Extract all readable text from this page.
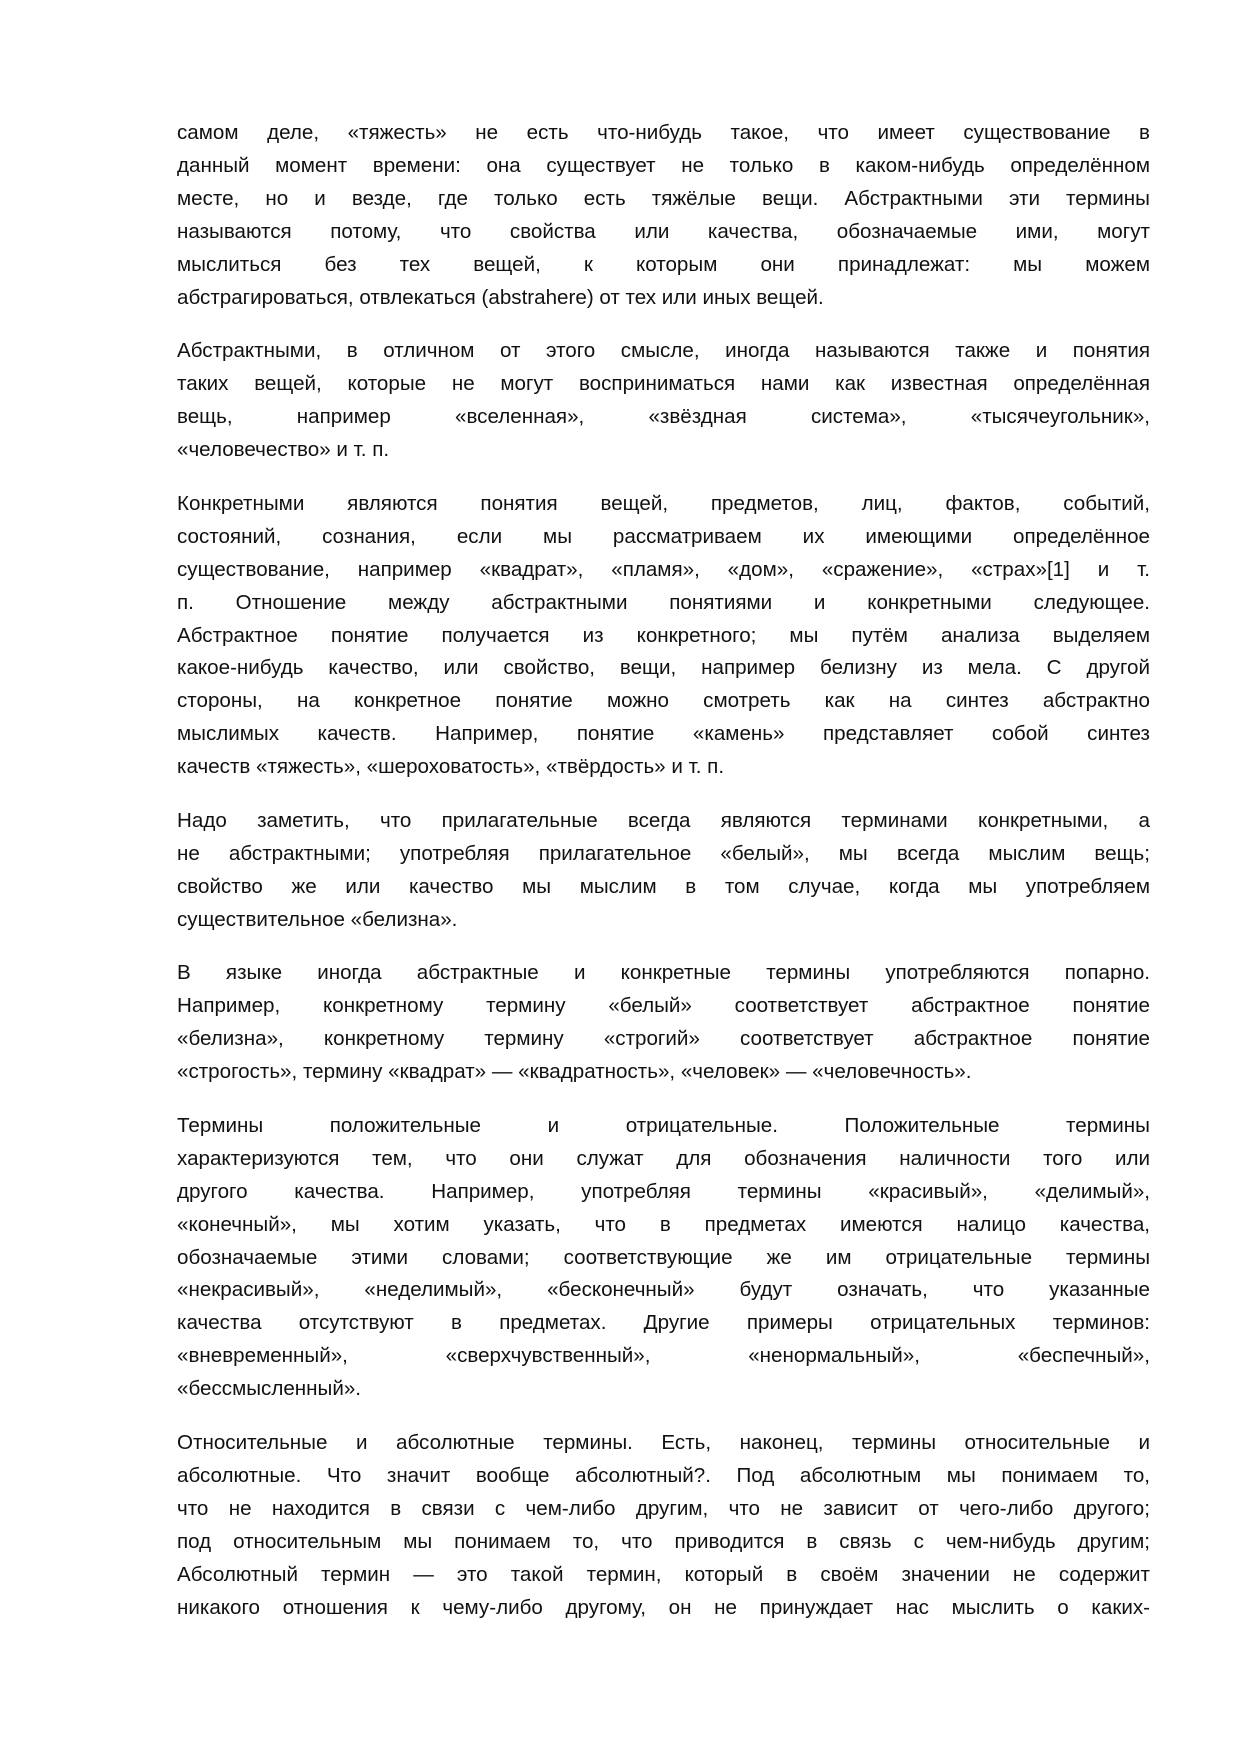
самом деле, «тяжесть» не есть что-нибудь такое, что имеет существование в
данный момент времени: она существует не только в каком-нибудь определённом
месте, но и везде, где только есть тяжёлые вещи. Абстрактными эти термины
называются потому, что свойства или качества, обозначаемые ими, могут
мыслиться без тех вещей, к которым они принадлежат: мы можем
абстрагироваться, отвлекаться (abstrahere) от тех или иных вещей.
Абстрактными, в отличном от этого смысле, иногда называются также и понятия
таких вещей, которые не могут восприниматься нами как известная определённая
вещь, например «вселенная», «звёздная система», «тысячеугольник»,
«человечество» и т. п.
Конкретными являются понятия вещей, предметов, лиц, фактов, событий,
состояний, сознания, если мы рассматриваем их имеющими определённое
существование, например «квадрат», «пламя», «дом», «сражение», «страх»[1] и т.
п. Отношение между абстрактными понятиями и конкретными следующее.
Абстрактное понятие получается из конкретного; мы путём анализа выделяем
какое-нибудь качество, или свойство, вещи, например белизну из мела. С другой
стороны, на конкретное понятие можно смотреть как на синтез абстрактно
мыслимых качеств. Например, понятие «камень» представляет собой синтез
качеств «тяжесть», «шероховатость», «твёрдость» и т. п.
Надо заметить, что прилагательные всегда являются терминами конкретными, а
не абстрактными; употребляя прилагательное «белый», мы всегда мыслим вещь;
свойство же или качество мы мыслим в том случае, когда мы употребляем
существительное «белизна».
В языке иногда абстрактные и конкретные термины употребляются попарно.
Например, конкретному термину «белый» соответствует абстрактное понятие
«белизна», конкретному термину «строгий» соответствует абстрактное понятие
«строгость», термину «квадрат» — «квадратность», «человек» — «человечность».
Термины положительные и отрицательные. Положительные термины
характеризуются тем, что они служат для обозначения наличности того или
другого качества. Например, употребляя термины «красивый», «делимый»,
«конечный», мы хотим указать, что в предметах имеются налицо качества,
обозначаемые этими словами; соответствующие же им отрицательные термины
«некрасивый», «неделимый», «бесконечный» будут означать, что указанные
качества отсутствуют в предметах. Другие примеры отрицательных терминов:
«вневременный», «сверхчувственный», «ненормальный», «беспечный»,
«бессмысленный».
Относительные и абсолютные термины. Есть, наконец, термины относительные и
абсолютные. Что значит вообще абсолютный?. Под абсолютным мы понимаем то,
что не находится в связи с чем-либо другим, что не зависит от чего-либо другого;
под относительным мы понимаем то, что приводится в связь с чем-нибудь другим;
Абсолютный термин — это такой термин, который в своём значении не содержит
никакого отношения к чему-либо другому, он не принуждает нас мыслить о каких-
